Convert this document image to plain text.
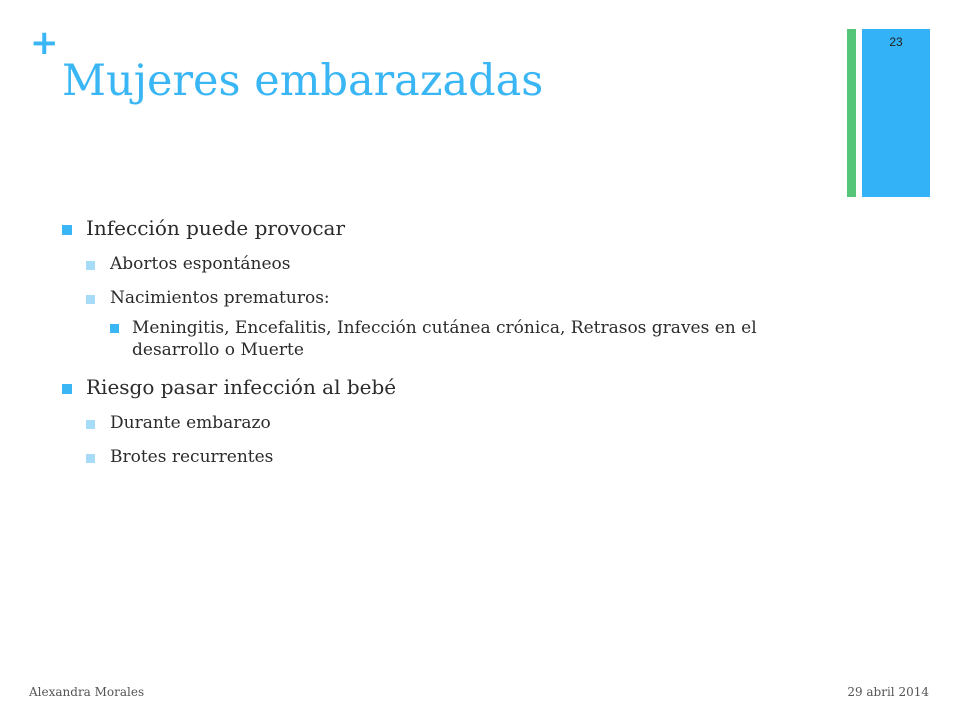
+
Mujeres embarazadas
23
Infección puede provocar
Abortos espontáneos
Nacimientos prematuros:
Meningitis, Encefalitis, Infección cutánea crónica, Retrasos graves en el desarrollo o Muerte
Riesgo pasar infección al bebé
Durante embarazo
Brotes recurrentes
Alexandra Morales	29 abril 2014
